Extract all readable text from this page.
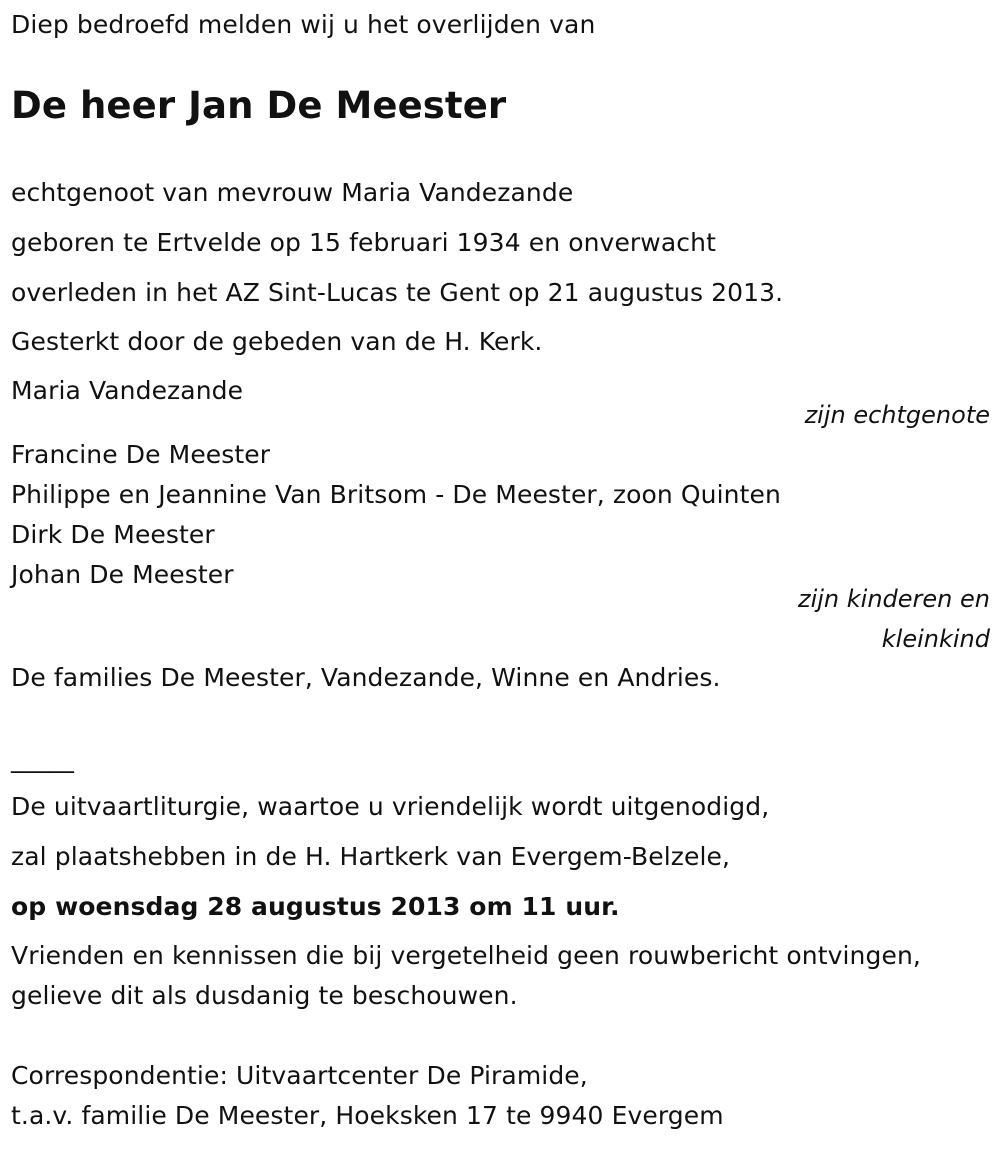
Diep bedroefd melden wij u het overlijden van
De heer Jan De Meester
echtgenoot van mevrouw Maria Vandezande
geboren te Ertvelde op 15 februari 1934 en onverwacht
overleden in het AZ Sint-Lucas te Gent op 21 augustus 2013.
Gesterkt door de gebeden van de H. Kerk.
Maria Vandezande
zijn echtgenote
Francine De Meester
Philippe en Jeannine Van Britsom - De Meester, zoon Quinten
Dirk De Meester
Johan De Meester
zijn kinderen en
kleinkind
De families De Meester, Vandezande, Winne en Andries.
_____
De uitvaartliturgie, waartoe u vriendelijk wordt uitgenodigd,
zal plaatshebben in de H. Hartkerk van Evergem-Belzele,
op woensdag 28 augustus 2013 om 11 uur.
Vrienden en kennissen die bij vergetelheid geen rouwbericht ontvingen,
gelieve dit als dusdanig te beschouwen.
Correspondentie: Uitvaartcenter De Piramide,
t.a.v. familie De Meester, Hoeksken 17 te 9940 Evergem
